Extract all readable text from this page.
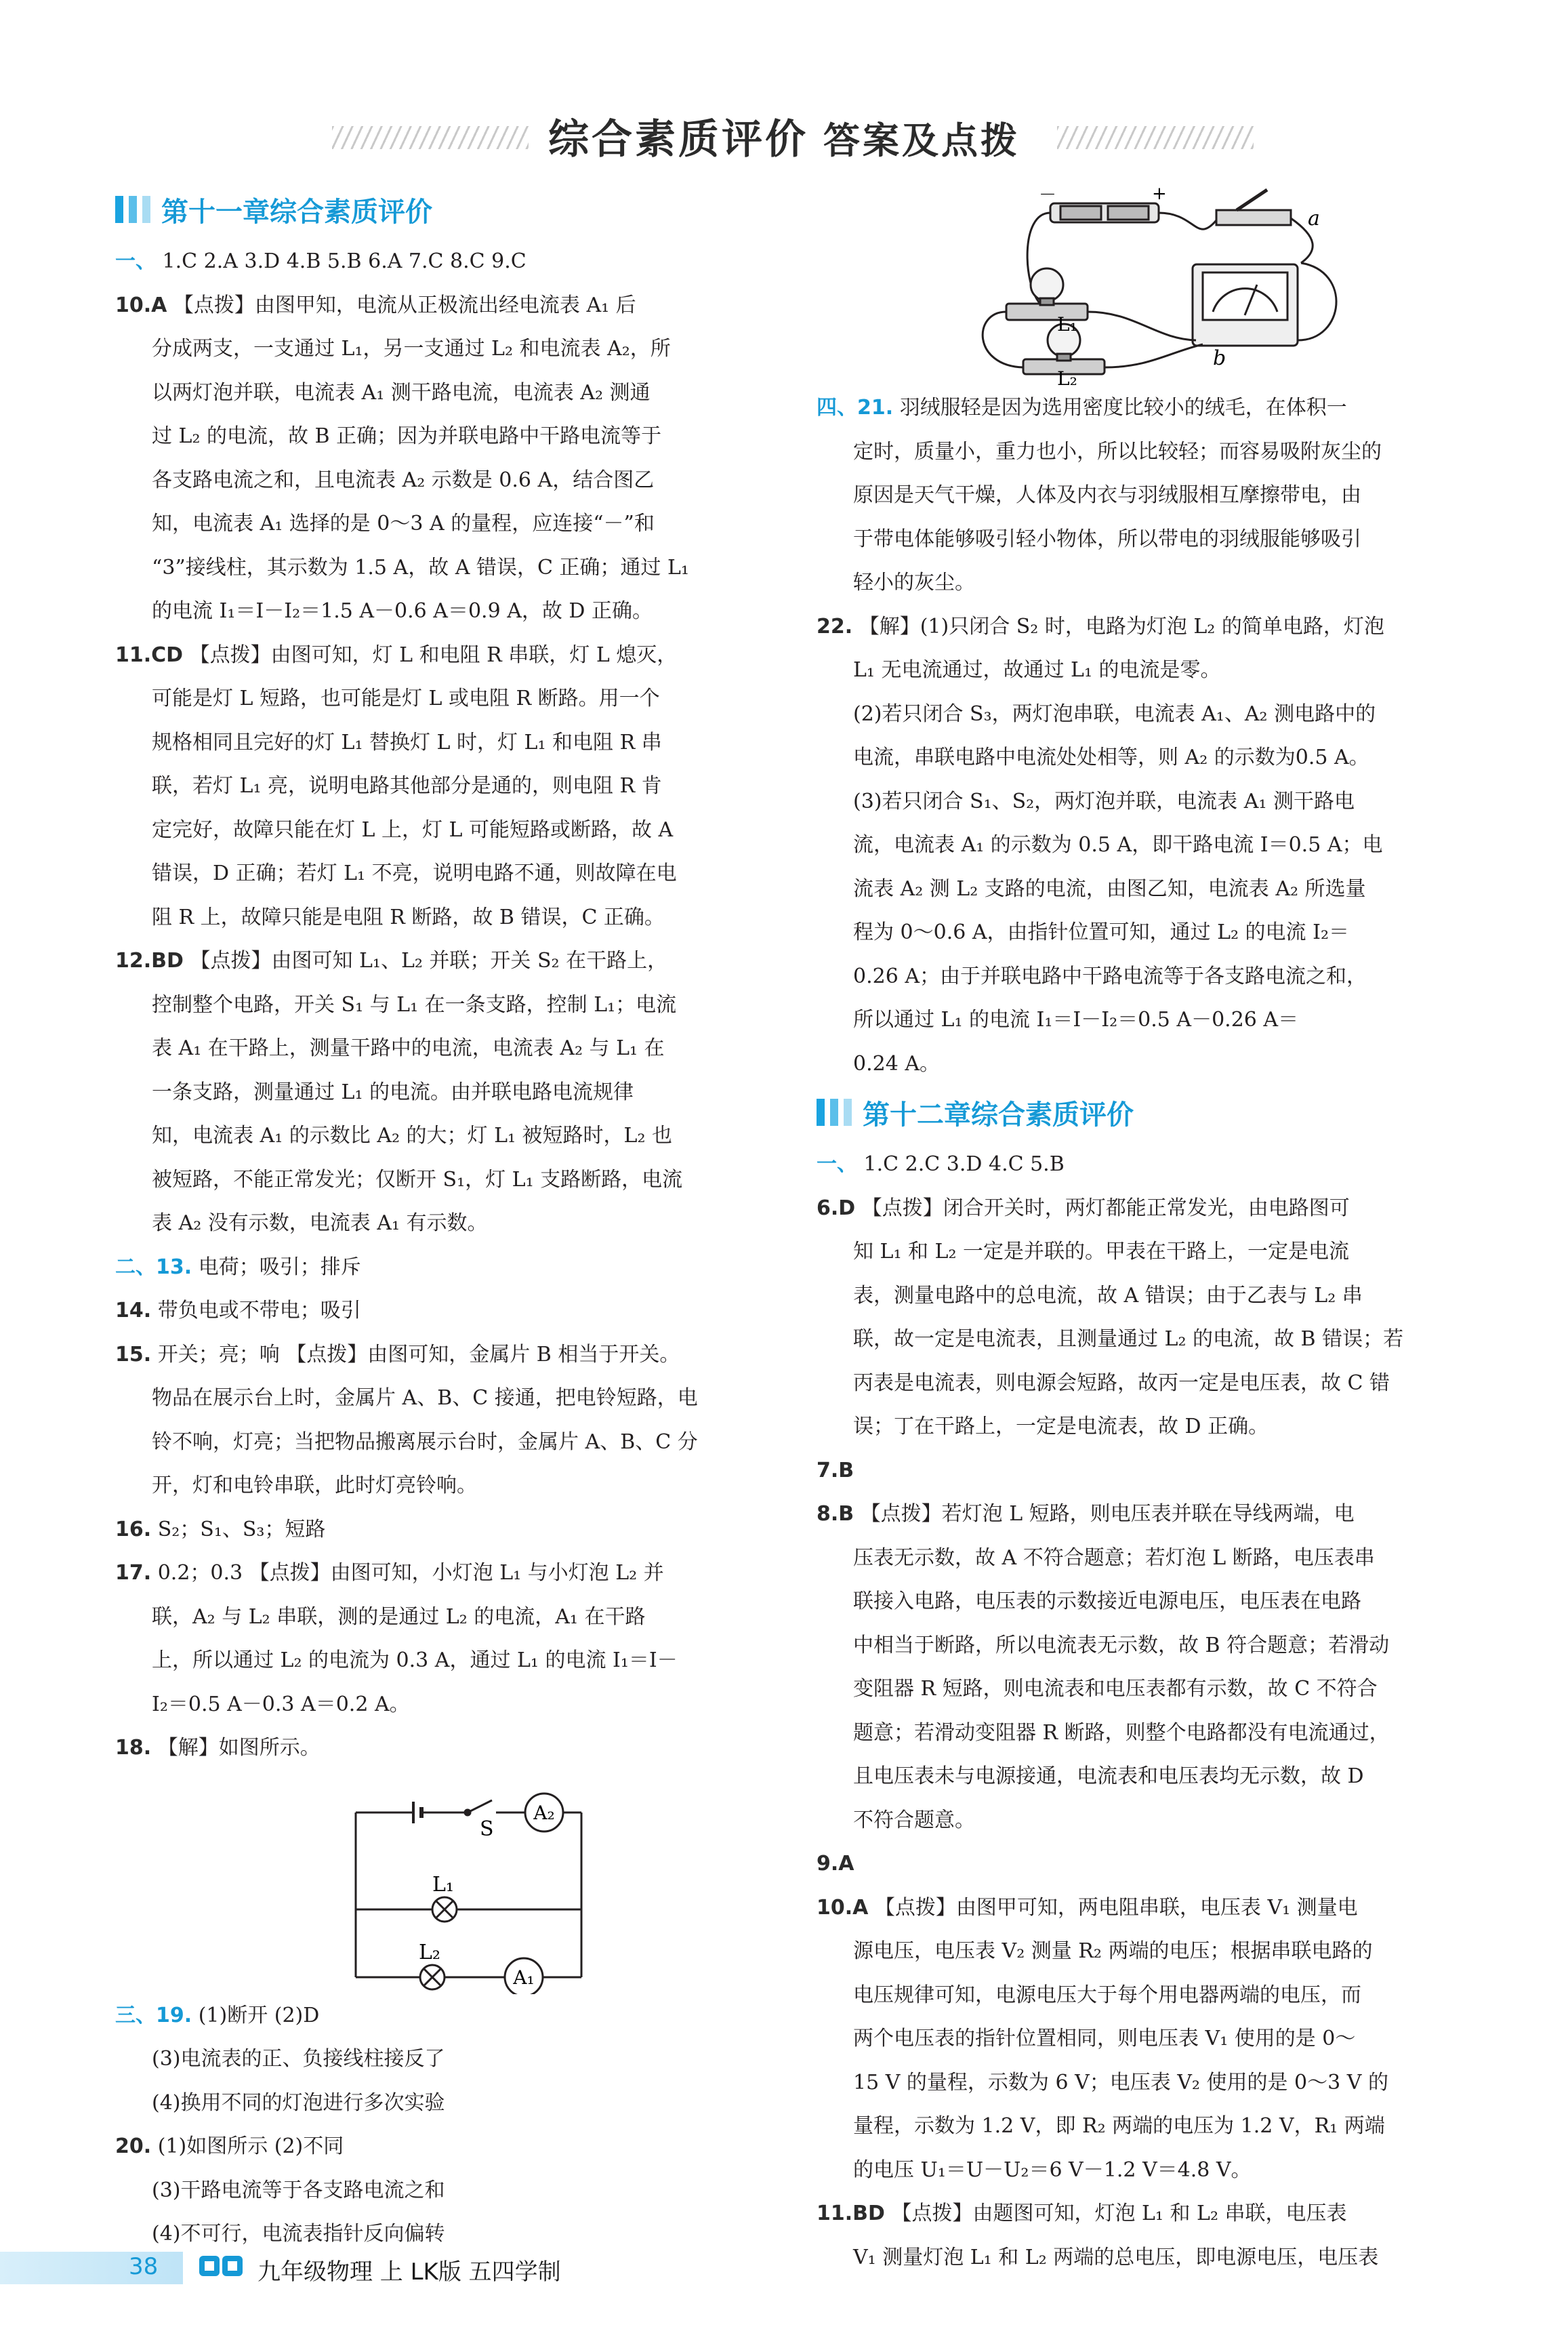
综合素质评价 答案及点拨
第十一章综合素质评价
一、 1.C 2.A 3.D 4.B 5.B 6.A 7.C 8.C 9.C
10.A 【点拨】由图甲知，电流从正极流出经电流表 A₁ 后
分成两支，一支通过 L₁，另一支通过 L₂ 和电流表 A₂，所
以两灯泡并联，电流表 A₁ 测干路电流，电流表 A₂ 测通
过 L₂ 的电流，故 B 正确；因为并联电路中干路电流等于
各支路电流之和，且电流表 A₂ 示数是 0.6 A，结合图乙
知，电流表 A₁ 选择的是 0～3 A 的量程，应连接“－”和
“3”接线柱，其示数为 1.5 A，故 A 错误，C 正确；通过 L₁
的电流 I₁＝I－I₂＝1.5 A－0.6 A＝0.9 A，故 D 正确。
11.CD 【点拨】由图可知，灯 L 和电阻 R 串联，灯 L 熄灭，
可能是灯 L 短路，也可能是灯 L 或电阻 R 断路。用一个
规格相同且完好的灯 L₁ 替换灯 L 时，灯 L₁ 和电阻 R 串
联，若灯 L₁ 亮，说明电路其他部分是通的，则电阻 R 肯
定完好，故障只能在灯 L 上，灯 L 可能短路或断路，故 A
错误，D 正确；若灯 L₁ 不亮，说明电路不通，则故障在电
阻 R 上，故障只能是电阻 R 断路，故 B 错误，C 正确。
12.BD 【点拨】由图可知 L₁、L₂ 并联；开关 S₂ 在干路上，
控制整个电路，开关 S₁ 与 L₁ 在一条支路，控制 L₁；电流
表 A₁ 在干路上，测量干路中的电流，电流表 A₂ 与 L₁ 在
一条支路，测量通过 L₁ 的电流。由并联电路电流规律
知，电流表 A₁ 的示数比 A₂ 的大；灯 L₁ 被短路时，L₂ 也
被短路，不能正常发光；仅断开 S₁，灯 L₁ 支路断路，电流
表 A₂ 没有示数，电流表 A₁ 有示数。
二、13. 电荷；吸引；排斥
14. 带负电或不带电；吸引
15. 开关；亮；响 【点拨】由图可知，金属片 B 相当于开关。
物品在展示台上时，金属片 A、B、C 接通，把电铃短路，电
铃不响，灯亮；当把物品搬离展示台时，金属片 A、B、C 分
开，灯和电铃串联，此时灯亮铃响。
16. S₂；S₁、S₃；短路
17. 0.2；0.3 【点拨】由图可知，小灯泡 L₁ 与小灯泡 L₂ 并
联，A₂ 与 L₂ 串联，测的是通过 L₂ 的电流，A₁ 在干路
上，所以通过 L₂ 的电流为 0.3 A，通过 L₁ 的电流 I₁＝I－
I₂＝0.5 A－0.3 A＝0.2 A。
18. 【解】如图所示。
S
L₁
L₂
A₂
A₁
三、19. (1)断开 (2)D
(3)电流表的正、负接线柱接反了
(4)换用不同的灯泡进行多次实验
20. (1)如图所示 (2)不同
(3)干路电流等于各支路电流之和
(4)不可行，电流表指针反向偏转
+
－
a
b
L₁
L₂
四、21. 羽绒服轻是因为选用密度比较小的绒毛，在体积一
定时，质量小，重力也小，所以比较轻；而容易吸附灰尘的
原因是天气干燥，人体及内衣与羽绒服相互摩擦带电，由
于带电体能够吸引轻小物体，所以带电的羽绒服能够吸引
轻小的灰尘。
22. 【解】(1)只闭合 S₂ 时，电路为灯泡 L₂ 的简单电路，灯泡
L₁ 无电流通过，故通过 L₁ 的电流是零。
(2)若只闭合 S₃，两灯泡串联，电流表 A₁、A₂ 测电路中的
电流，串联电路中电流处处相等，则 A₂ 的示数为0.5 A。
(3)若只闭合 S₁、S₂，两灯泡并联，电流表 A₁ 测干路电
流，电流表 A₁ 的示数为 0.5 A，即干路电流 I＝0.5 A；电
流表 A₂ 测 L₂ 支路的电流，由图乙知，电流表 A₂ 所选量
程为 0～0.6 A，由指针位置可知，通过 L₂ 的电流 I₂＝
0.26 A；由于并联电路中干路电流等于各支路电流之和，
所以通过 L₁ 的电流 I₁＝I－I₂＝0.5 A－0.26 A＝
0.24 A。
第十二章综合素质评价
一、 1.C 2.C 3.D 4.C 5.B
6.D 【点拨】闭合开关时，两灯都能正常发光，由电路图可
知 L₁ 和 L₂ 一定是并联的。甲表在干路上，一定是电流
表，测量电路中的总电流，故 A 错误；由于乙表与 L₂ 串
联，故一定是电流表，且测量通过 L₂ 的电流，故 B 错误；若
丙表是电流表，则电源会短路，故丙一定是电压表，故 C 错
误；丁在干路上，一定是电流表，故 D 正确。
7.B
8.B 【点拨】若灯泡 L 短路，则电压表并联在导线两端，电
压表无示数，故 A 不符合题意；若灯泡 L 断路，电压表串
联接入电路，电压表的示数接近电源电压，电压表在电路
中相当于断路，所以电流表无示数，故 B 符合题意；若滑动
变阻器 R 短路，则电流表和电压表都有示数，故 C 不符合
题意；若滑动变阻器 R 断路，则整个电路都没有电流通过，
且电压表未与电源接通，电流表和电压表均无示数，故 D
不符合题意。
9.A
10.A 【点拨】由图甲可知，两电阻串联，电压表 V₁ 测量电
源电压，电压表 V₂ 测量 R₂ 两端的电压；根据串联电路的
电压规律可知，电源电压大于每个用电器两端的电压，而
两个电压表的指针位置相同，则电压表 V₁ 使用的是 0～
15 V 的量程，示数为 6 V；电压表 V₂ 使用的是 0～3 V 的
量程，示数为 1.2 V，即 R₂ 两端的电压为 1.2 V，R₁ 两端
的电压 U₁＝U－U₂＝6 V－1.2 V＝4.8 V。
11.BD 【点拨】由题图可知，灯泡 L₁ 和 L₂ 串联，电压表
V₁ 测量灯泡 L₁ 和 L₂ 两端的总电压，即电源电压，电压表
38	九年级物理 上 LK版 五四学制
